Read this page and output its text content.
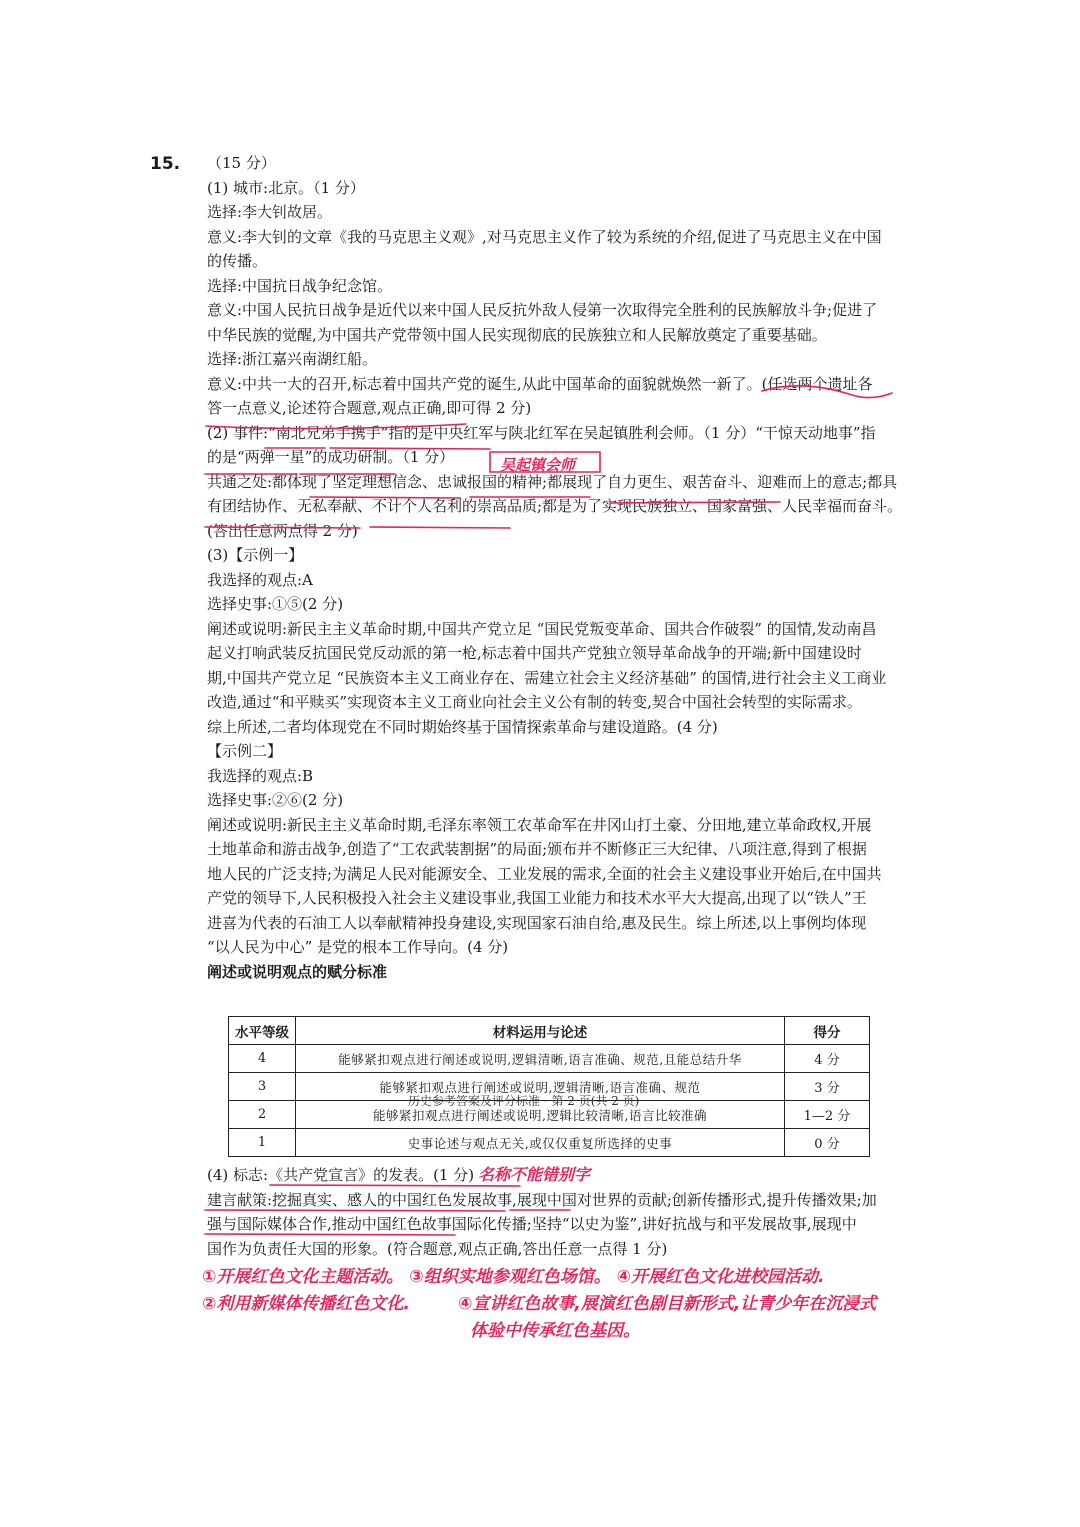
15. （15 分）

(1) 城市:北京。（1 分）

选择:李大钊故居。

意义:李大钊的文章《我的马克思主义观》,对马克思主义作了较为系统的介绍,促进了马克思主义在中国

的传播。

选择:中国抗日战争纪念馆。

意义:中国人民抗日战争是近代以来中国人民反抗外敌人侵第一次取得完全胜利的民族解放斗争;促进了

中华民族的觉醒,为中国共产党带领中国人民实现彻底的民族独立和人民解放奠定了重要基础。

选择:浙江嘉兴南湖红船。

意义:中共一大的召开,标志着中国共产党的诞生,从此中国革命的面貌就焕然一新了。(任选两个遗址各

答一点意义,论述符合题意,观点正确,即可得 2 分)

(2) 事件:“南北兄弟手携手”指的是中央红军与陕北红军在吴起镇胜利会师。（1 分）“干惊天动地事”指

的是“两弹一星”的成功研制。（1 分）

共通之处:都体现了坚定理想信念、忠诚报国的精神;都展现了自力更生、艰苦奋斗、迎难而上的意志;都具

有团结协作、无私奉献、不计个人名利的崇高品质;都是为了实现民族独立、国家富强、人民幸福而奋斗。

(答出任意两点得 2 分)

(3)【示例一】

我选择的观点:A

选择史事:①⑤(2 分)

阐述或说明:新民主主义革命时期,中国共产党立足 “国民党叛变革命、国共合作破裂” 的国情,发动南昌

起义打响武装反抗国民党反动派的第一枪,标志着中国共产党独立领导革命战争的开端;新中国建设时

期,中国共产党立足 “民族资本主义工商业存在、需建立社会主义经济基础” 的国情,进行社会主义工商业

改造,通过“和平赎买”实现资本主义工商业向社会主义公有制的转变,契合中国社会转型的实际需求。

综上所述,二者均体现党在不同时期始终基于国情探索革命与建设道路。(4 分)

【示例二】

我选择的观点:B

选择史事:②⑥(2 分)

阐述或说明:新民主主义革命时期,毛泽东率领工农革命军在井冈山打土豪、分田地,建立革命政权,开展

土地革命和游击战争,创造了“工农武装割据”的局面;颁布并不断修正三大纪律、八项注意,得到了根据

地人民的广泛支持;为满足人民对能源安全、工业发展的需求,全面的社会主义建设事业开始后,在中国共

产党的领导下,人民积极投入社会主义建设事业,我国工业能力和技术水平大大提高,出现了以“铁人”王

进喜为代表的石油工人以奉献精神投身建设,实现国家石油自给,惠及民生。综上所述,以上事例均体现

“以人民为中心” 是党的根本工作导向。(4 分)

阐述或说明观点的赋分标准

水平等级	材料运用与论述	得分
4	能够紧扣观点进行阐述或说明,逻辑清晰,语言准确、规范,且能总结升华	4 分
3	能够紧扣观点进行阐述或说明,逻辑清晰,语言准确、规范	3 分
2	能够紧扣观点进行阐述或说明,逻辑比较清晰,语言比较准确	1—2 分
1	史事论述与观点无关,或仅仅重复所选择的史事	0 分

(4) 标志:《共产党宣言》的发表。(1 分)

建言献策:挖掘真实、感人的中国红色发展故事,展现中国对世界的贡献;创新传播形式,提升传播效果;加

强与国际媒体合作,推动中国红色故事国际化传播;坚持“以史为鉴”,讲好抗战与和平发展故事,展现中

国作为负责任大国的形象。(符合题意,观点正确,答出任意一点得 1 分)

历史参考答案及评分标准 · 第 2 页(共 2 页)
吴起镇会师
名称不能错别字
①开展红色文化主题活动。 ③组织实地参观红色场馆。 ④开展红色文化进校园活动.
②利用新媒体传播红色文化.	④宣讲红色故事,展演红色剧目新形式,让青少年在沉浸式
体验中传承红色基因。
